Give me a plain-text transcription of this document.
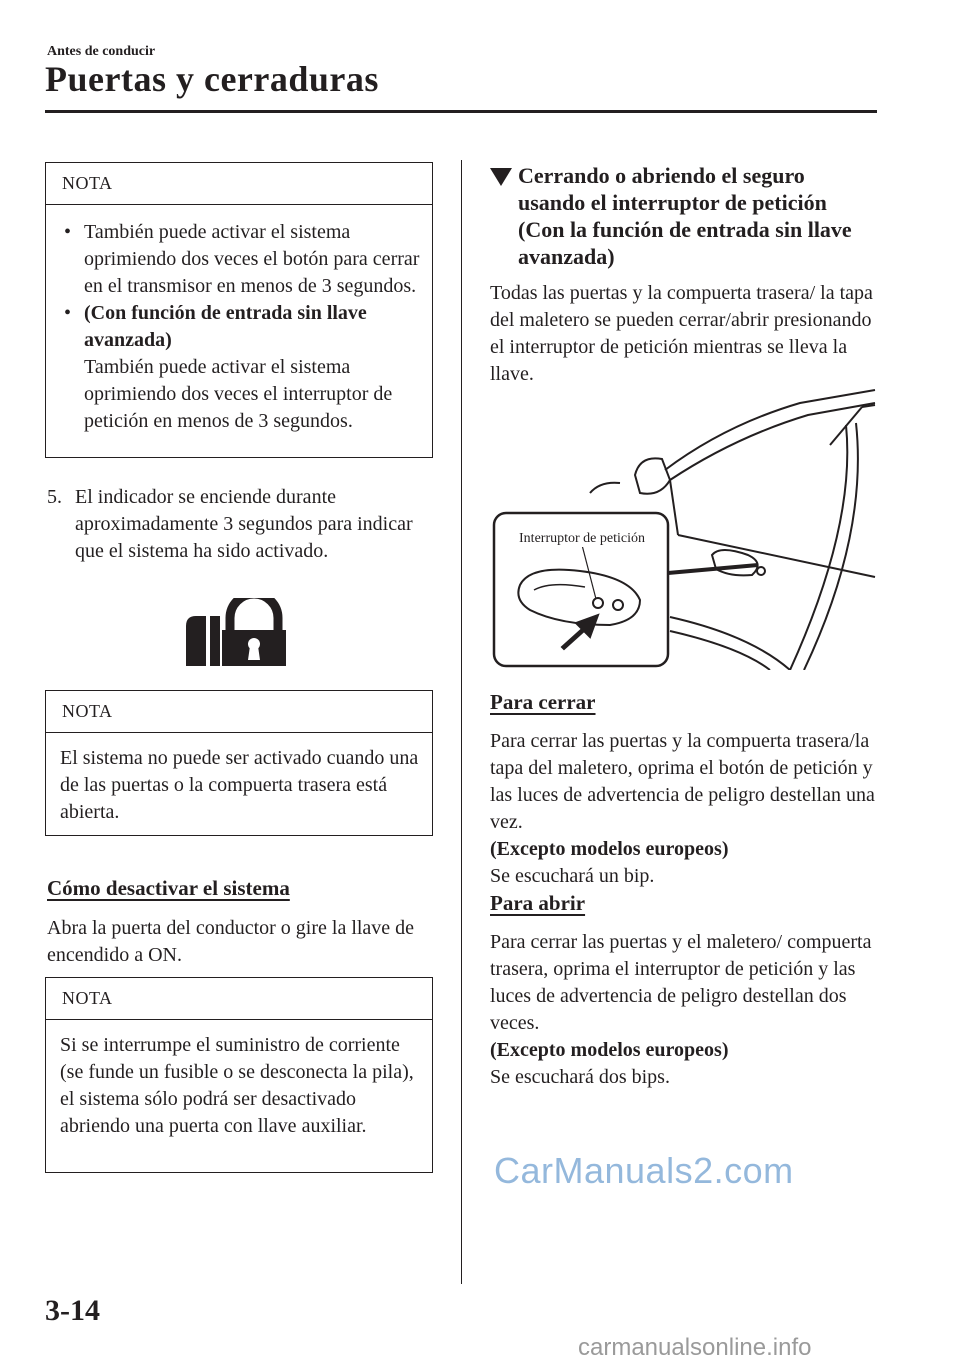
Antes de conducir
Puertas y cerraduras
NOTA
• También puede activar el sistema oprimiendo dos veces el botón para cerrar en el transmisor en menos de 3 segundos.
• (Con función de entrada sin llave avanzada)
También puede activar el sistema oprimiendo dos veces el interruptor de petición en menos de 3 segundos.
5. El indicador se enciende durante aproximadamente 3 segundos para indicar que el sistema ha sido activado.
NOTA
El sistema no puede ser activado cuando una de las puertas o la compuerta trasera está abierta.
Cómo desactivar el sistema
Abra la puerta del conductor o gire la llave de encendido a ON.
NOTA
Si se interrumpe el suministro de corriente (se funde un fusible o se desconecta la pila), el sistema sólo podrá ser desactivado abriendo una puerta con llave auxiliar.
Cerrando o abriendo el seguro usando el interruptor de petición (Con la función de entrada sin llave avanzada)
Todas las puertas y la compuerta trasera/ la tapa del maletero se pueden cerrar/abrir presionando el interruptor de petición mientras se lleva la llave.
Interruptor de petición
Para cerrar
Para cerrar las puertas y la compuerta trasera/la tapa del maletero, oprima el botón de petición y las luces de advertencia de peligro destellan una vez.
(Excepto modelos europeos)
Se escuchará un bip.
Para abrir
Para cerrar las puertas y el maletero/ compuerta trasera, oprima el interruptor de petición y las luces de advertencia de peligro destellan dos veces.
(Excepto modelos europeos)
Se escuchará dos bips.
CarManuals2.com
3-14
carmanualsonline.info
